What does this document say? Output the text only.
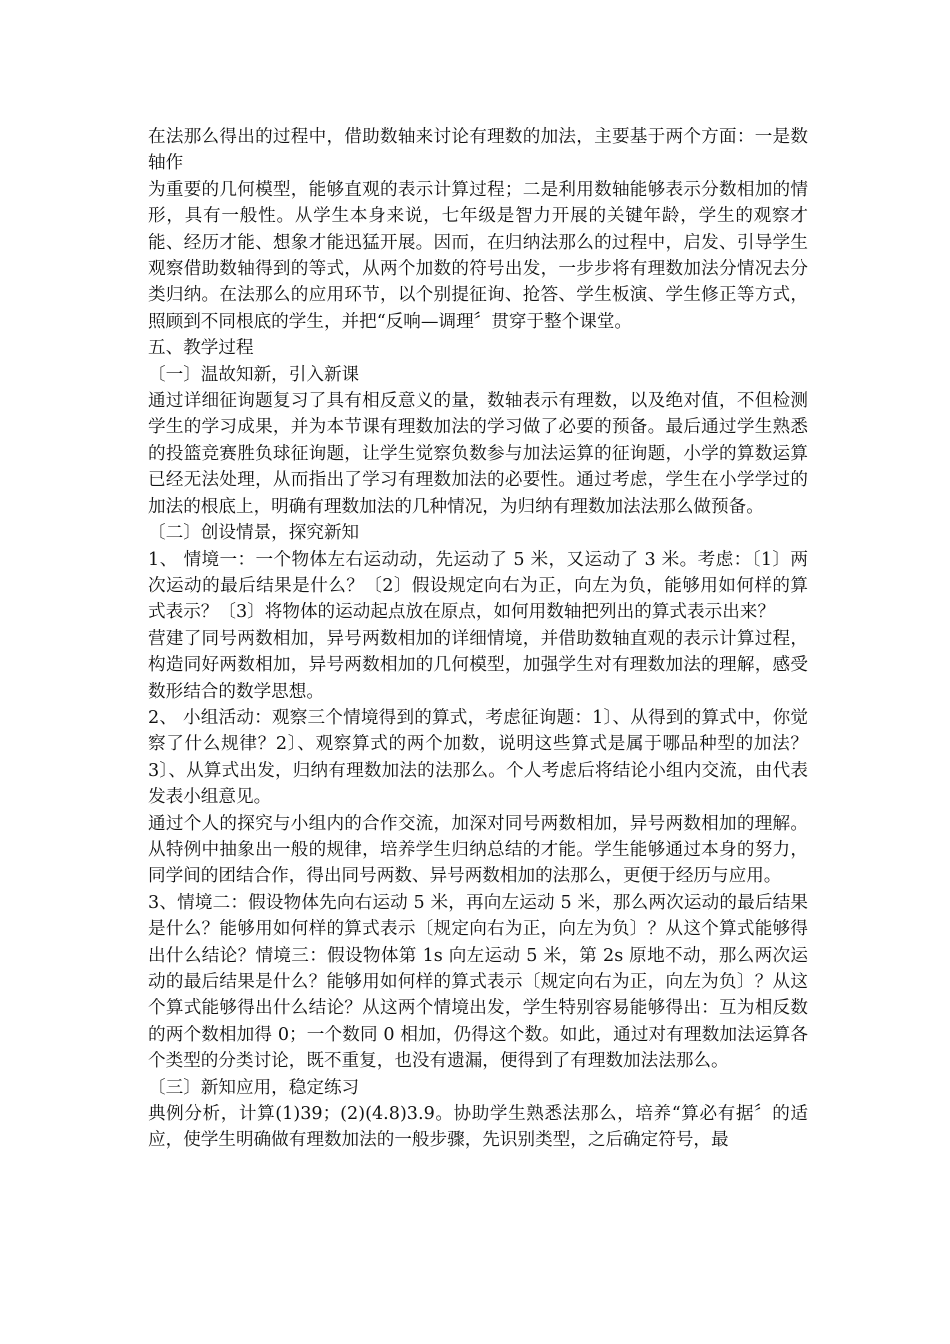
在法那么得出的过程中，借助数轴来讨论有理数的加法，主要基于两个方面：一是数轴作

为重要的几何模型，能够直观的表示计算过程；二是利用数轴能够表示分数相加的情形，具有一般性。从学生本身来说，七年级是智力开展的关键年龄，学生的观察才能、经历才能、想象才能迅猛开展。因而，在归纳法那么的过程中，启发、引导学生观察借助数轴得到的等式，从两个加数的符号出发，一步步将有理数加法分情况去分类归纳。在法那么的应用环节，以个别提征询、抢答、学生板演、学生修正等方式，照顾到不同根底的学生，并把“反响—调理〞贯穿于整个课堂。

五、教学过程

〔一〕温故知新，引入新课

通过详细征询题复习了具有相反意义的量，数轴表示有理数，以及绝对值，不但检测学生的学习成果，并为本节课有理数加法的学习做了必要的预备。最后通过学生熟悉的投篮竞赛胜负球征询题，让学生觉察负数参与加法运算的征询题，小学的算数运算已经无法处理，从而指出了学习有理数加法的必要性。通过考虑，学生在小学学过的加法的根底上，明确有理数加法的几种情况，为归纳有理数加法法那么做预备。

〔二〕创设情景，探究新知

1、 情境一：一个物体左右运动动，先运动了 5 米，又运动了 3 米。考虑：〔1〕两次运动的最后结果是什么？〔2〕假设规定向右为正，向左为负，能够用如何样的算式表示？〔3〕将物体的运动起点放在原点，如何用数轴把列出的算式表示出来？

营建了同号两数相加，异号两数相加的详细情境，并借助数轴直观的表示计算过程，构造同好两数相加，异号两数相加的几何模型，加强学生对有理数加法的理解，感受数形结合的数学思想。

2、 小组活动：观察三个情境得到的算式，考虑征询题：1〕、从得到的算式中，你觉察了什么规律？2〕、观察算式的两个加数，说明这些算式是属于哪品种型的加法？3〕、从算式出发，归纳有理数加法的法那么。个人考虑后将结论小组内交流，由代表发表小组意见。

通过个人的探究与小组内的合作交流，加深对同号两数相加，异号两数相加的理解。从特例中抽象出一般的规律，培养学生归纳总结的才能。学生能够通过本身的努力，同学间的团结合作，得出同号两数、异号两数相加的法那么，更便于经历与应用。

3、情境二：假设物体先向右运动 5 米，再向左运动 5 米，那么两次运动的最后结果是什么？能够用如何样的算式表示〔规定向右为正，向左为负〕？从这个算式能够得出什么结论？情境三：假设物体第 1s 向左运动 5 米，第 2s 原地不动，那么两次运动的最后结果是什么？能够用如何样的算式表示〔规定向右为正，向左为负〕？从这个算式能够得出什么结论？从这两个情境出发，学生特别容易能够得出：互为相反数的两个数相加得 0；一个数同 0 相加，仍得这个数。如此，通过对有理数加法运算各个类型的分类讨论，既不重复，也没有遗漏，便得到了有理数加法法那么。

〔三〕新知应用，稳定练习

典例分析，计算(1)39；(2)(4.8)3.9。协助学生熟悉法那么，培养“算必有据〞的适应，使学生明确做有理数加法的一般步骤，先识别类型，之后确定符号，最
